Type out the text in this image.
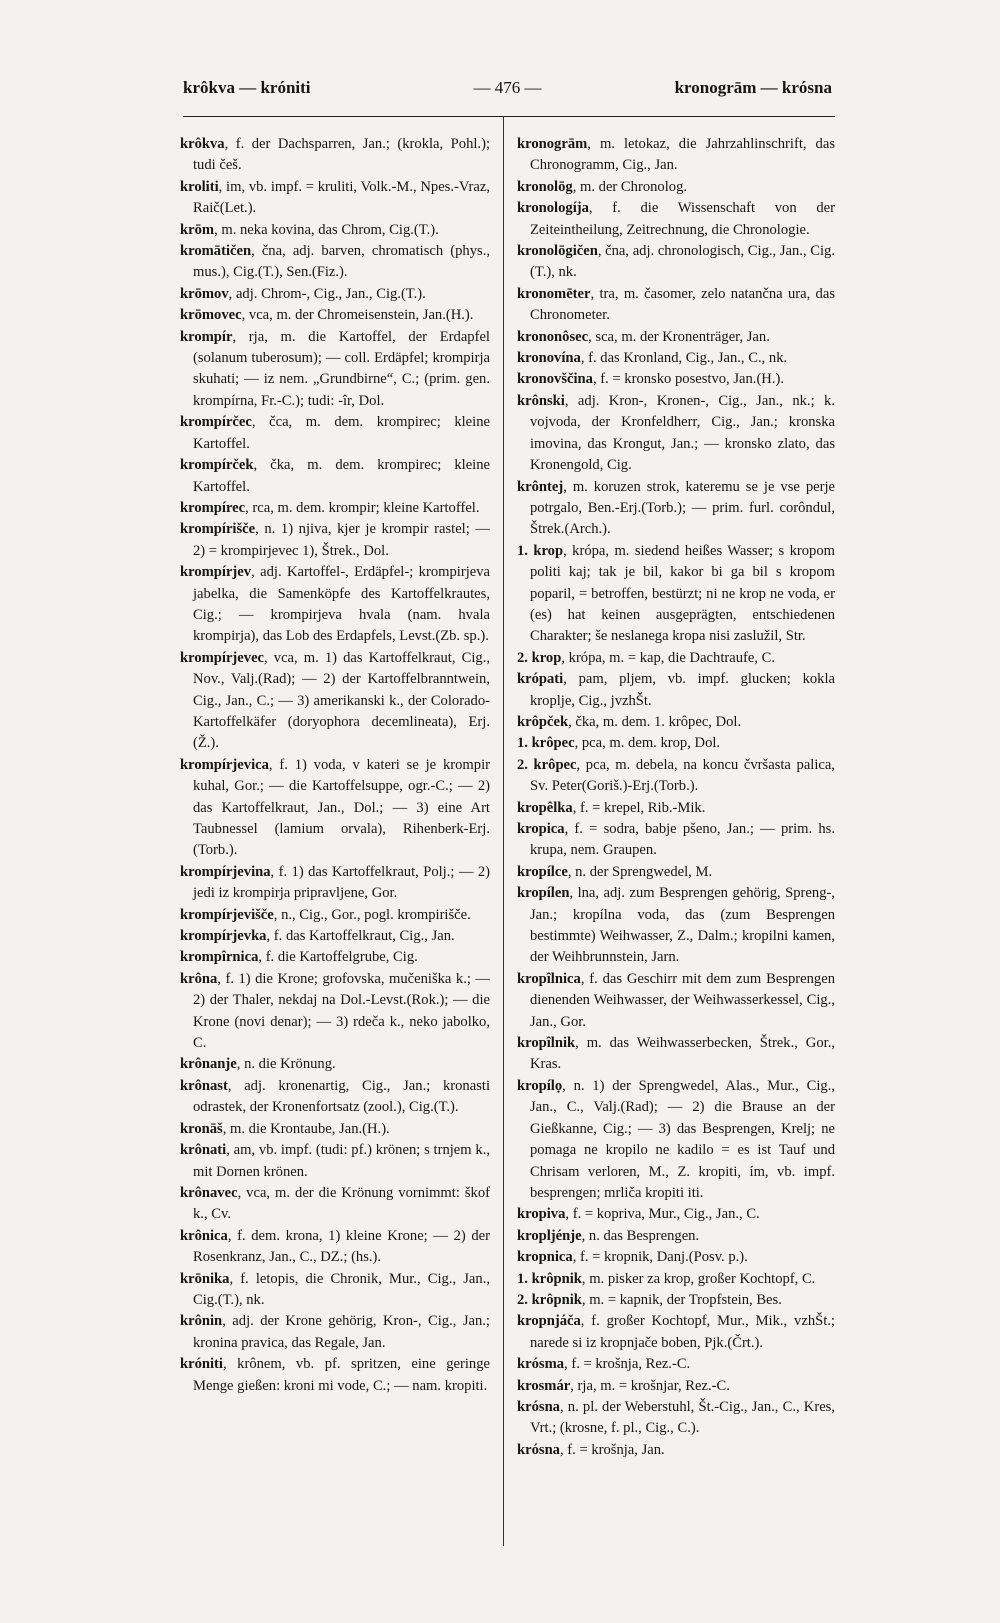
krôkva — króniti	— 476 —	kronogrām — krósna

krôkva, f. der Dachsparren, Jan.; (krokla, Pohl.); tudi češ.

kroliti, im, vb. impf. = kruliti, Volk.-M., Npes.-Vraz, Raič(Let.).

krōm, m. neka kovina, das Chrom, Cig.(T.).

kromātičen, čna, adj. barven, chromatisch (phys., mus.), Cig.(T.), Sen.(Fiz.).

krōmov, adj. Chrom-, Cig., Jan., Cig.(T.).

krōmovec, vca, m. der Chromeisenstein, Jan.(H.).

krompír, rja, m. die Kartoffel, der Erdapfel (solanum tuberosum); — coll. Erdäpfel; krompirja skuhati; — iz nem. „Grundbirne“, C.; (prim. gen. krompírna, Fr.-C.); tudi: -îr, Dol.

krompírčec, čca, m. dem. krompirec; kleine Kartoffel.

krompírček, čka, m. dem. krompirec; kleine Kartoffel.

krompírec, rca, m. dem. krompir; kleine Kartoffel.

krompírišče, n. 1) njiva, kjer je krompir rastel; — 2) = krompirjevec 1), Štrek., Dol.

krompírjev, adj. Kartoffel-, Erdäpfel-; krompirjeva jabelka, die Samenköpfe des Kartoffelkrautes, Cig.; — krompirjeva hvala (nam. hvala krompirja), das Lob des Erdapfels, Levst.(Zb. sp.).

krompírjevec, vca, m. 1) das Kartoffelkraut, Cig., Nov., Valj.(Rad); — 2) der Kartoffelbranntwein, Cig., Jan., C.; — 3) amerikanski k., der Colorado-Kartoffelkäfer (doryophora decemlineata), Erj.(Ž.).

krompírjevica, f. 1) voda, v kateri se je krompir kuhal, Gor.; — die Kartoffelsuppe, ogr.-C.; — 2) das Kartoffelkraut, Jan., Dol.; — 3) eine Art Taubnessel (lamium orvala), Rihenberk-Erj.(Torb.).

krompírjevina, f. 1) das Kartoffelkraut, Polj.; — 2) jedi iz krompirja pripravljene, Gor.

krompírjevišče, n., Cig., Gor., pogl. krompirišče.

krompírjevka, f. das Kartoffelkraut, Cig., Jan.

krompîrnica, f. die Kartoffelgrube, Cig.

krôna, f. 1) die Krone; grofovska, mučeniška k.; — 2) der Thaler, nekdaj na Dol.-Levst.(Rok.); — die Krone (novi denar); — 3) rdeča k., neko jabolko, C.

krônanje, n. die Krönung.

krônast, adj. kronenartig, Cig., Jan.; kronasti odrastek, der Kronenfortsatz (zool.), Cig.(T.).

kronāš, m. die Krontaube, Jan.(H.).

krônati, am, vb. impf. (tudi: pf.) krönen; s trnjem k., mit Dornen krönen.

krônavec, vca, m. der die Krönung vornimmt: škof k., Cv.

krônica, f. dem. krona, 1) kleine Krone; — 2) der Rosenkranz, Jan., C., DZ.; (hs.).

krōnika, f. letopis, die Chronik, Mur., Cig., Jan., Cig.(T.), nk.

krônin, adj. der Krone gehörig, Kron-, Cig., Jan.; kronina pravica, das Regale, Jan.

króniti, krônem, vb. pf. spritzen, eine geringe Menge gießen: kroni mi vode, C.; — nam. kropiti.

kronogrām, m. letokaz, die Jahrzahlinschrift, das Chronogramm, Cig., Jan.

kronolōg, m. der Chronolog.

kronologíja, f. die Wissenschaft von der Zeiteintheilung, Zeitrechnung, die Chronologie.

kronolōgičen, čna, adj. chronologisch, Cig., Jan., Cig.(T.), nk.

kronomēter, tra, m. časomer, zelo natančna ura, das Chronometer.

krononôsec, sca, m. der Kronenträger, Jan.

kronovína, f. das Kronland, Cig., Jan., C., nk.

kronovščina, f. = kronsko posestvo, Jan.(H.).

krônski, adj. Kron-, Kronen-, Cig., Jan., nk.; k. vojvoda, der Kronfeldherr, Cig., Jan.; kronska imovina, das Krongut, Jan.; — kronsko zlato, das Kronengold, Cig.

krôntej, m. koruzen strok, kateremu se je vse perje potrgalo, Ben.-Erj.(Torb.); — prim. furl. corôndul, Štrek.(Arch.).

1. krop, krópa, m. siedend heißes Wasser; s kropom politi kaj; tak je bil, kakor bi ga bil s kropom poparil, = betroffen, bestürzt; ni ne krop ne voda, er (es) hat keinen ausgeprägten, entschiedenen Charakter; še neslanega kropa nisi zaslužil, Str.

2. krop, krópa, m. = kap, die Dachtraufe, C.

krópati, pam, pljem, vb. impf. glucken; kokla kroplje, Cig., jvzhŠt.

krôpček, čka, m. dem. 1. krôpec, Dol.

1. krôpec, pca, m. dem. krop, Dol.

2. krôpec, pca, m. debela, na koncu čvršasta palica, Sv. Peter(Goriš.)-Erj.(Torb.).

kropêlka, f. = krepel, Rib.-Mik.

kropica, f. = sodra, babje pšeno, Jan.; — prim. hs. krupa, nem. Graupen.

kropílce, n. der Sprengwedel, M.

kropílen, lna, adj. zum Besprengen gehörig, Spreng-, Jan.; kropílna voda, das (zum Besprengen bestimmte) Weihwasser, Z., Dalm.; kropilni kamen, der Weihbrunnstein, Jarn.

kropîlnica, f. das Geschirr mit dem zum Besprengen dienenden Weihwasser, der Weihwasserkessel, Cig., Jan., Gor.

kropîlnik, m. das Weihwasserbecken, Štrek., Gor., Kras.

kropílọ, n. 1) der Sprengwedel, Alas., Mur., Cig., Jan., C., Valj.(Rad); — 2) die Brause an der Gießkanne, Cig.; — 3) das Besprengen, Krelj; ne pomaga ne kropilo ne kadilo = es ist Tauf und Chrisam verloren, M., Z. kropiti, ím, vb. impf. besprengen; mrliča kropiti iti.

kropiva, f. = kopriva, Mur., Cig., Jan., C.

kropljénje, n. das Besprengen.

kropnica, f. = kropnik, Danj.(Posv. p.).

1. krôpnik, m. pisker za krop, großer Kochtopf, C.

2. krôpnik, m. = kapnik, der Tropfstein, Bes.

kropnjáča, f. großer Kochtopf, Mur., Mik., vzhŠt.; narede si iz kropnjače boben, Pjk.(Črt.).

krósma, f. = krošnja, Rez.-C.

krosmár, rja, m. = krošnjar, Rez.-C.

krósna, n. pl. der Weberstuhl, Št.-Cig., Jan., C., Kres, Vrt.; (krosne, f. pl., Cig., C.).

krósna, f. = krošnja, Jan.
